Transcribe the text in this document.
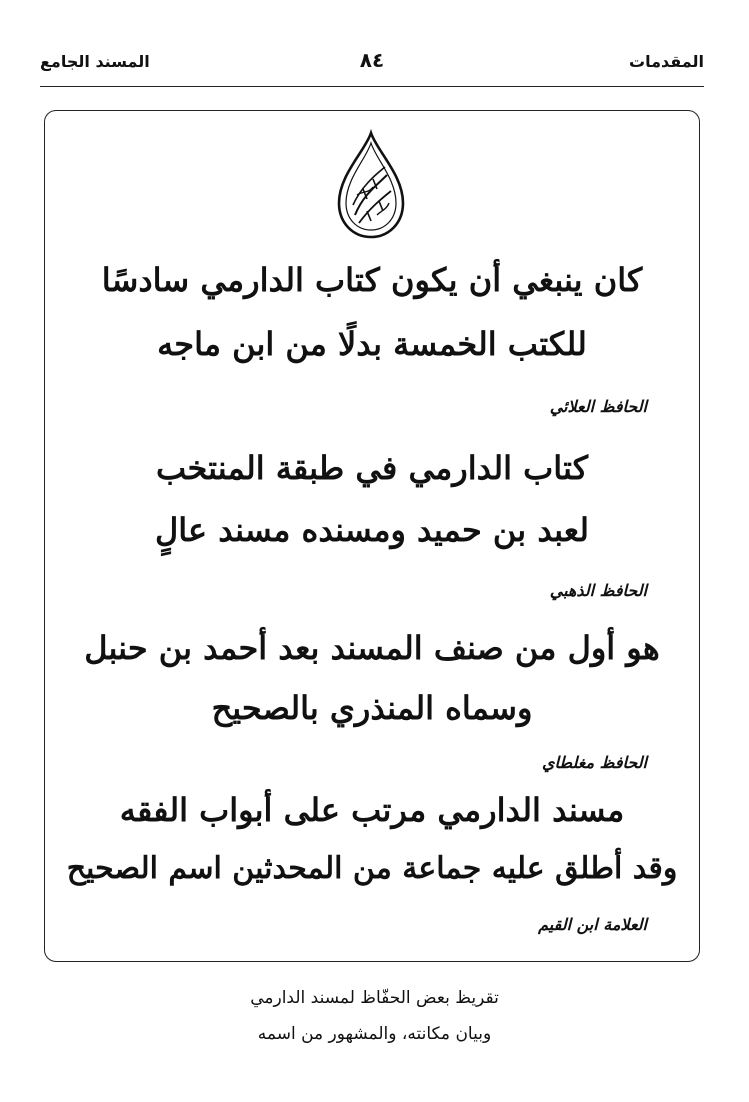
المقدمات
٨٤
المسند الجامع
كان ينبغي أن يكون كتاب الدارمي سادسًا
للكتب الخمسة بدلًا من ابن ماجه
الحافظ العلائي
كتاب الدارمي في طبقة المنتخب
لعبد بن حميد ومسنده مسند عالٍ
الحافظ الذهبي
هو أول من صنف المسند بعد أحمد بن حنبل
وسماه المنذري بالصحيح
الحافظ مغلطاي
مسند الدارمي مرتب على أبواب الفقه
وقد أطلق عليه جماعة من المحدثين اسم الصحيح
العلامة ابن القيم
تقريظ بعض الحفّاظ لمسند الدارمي
وبيان مكانته، والمشهور من اسمه
